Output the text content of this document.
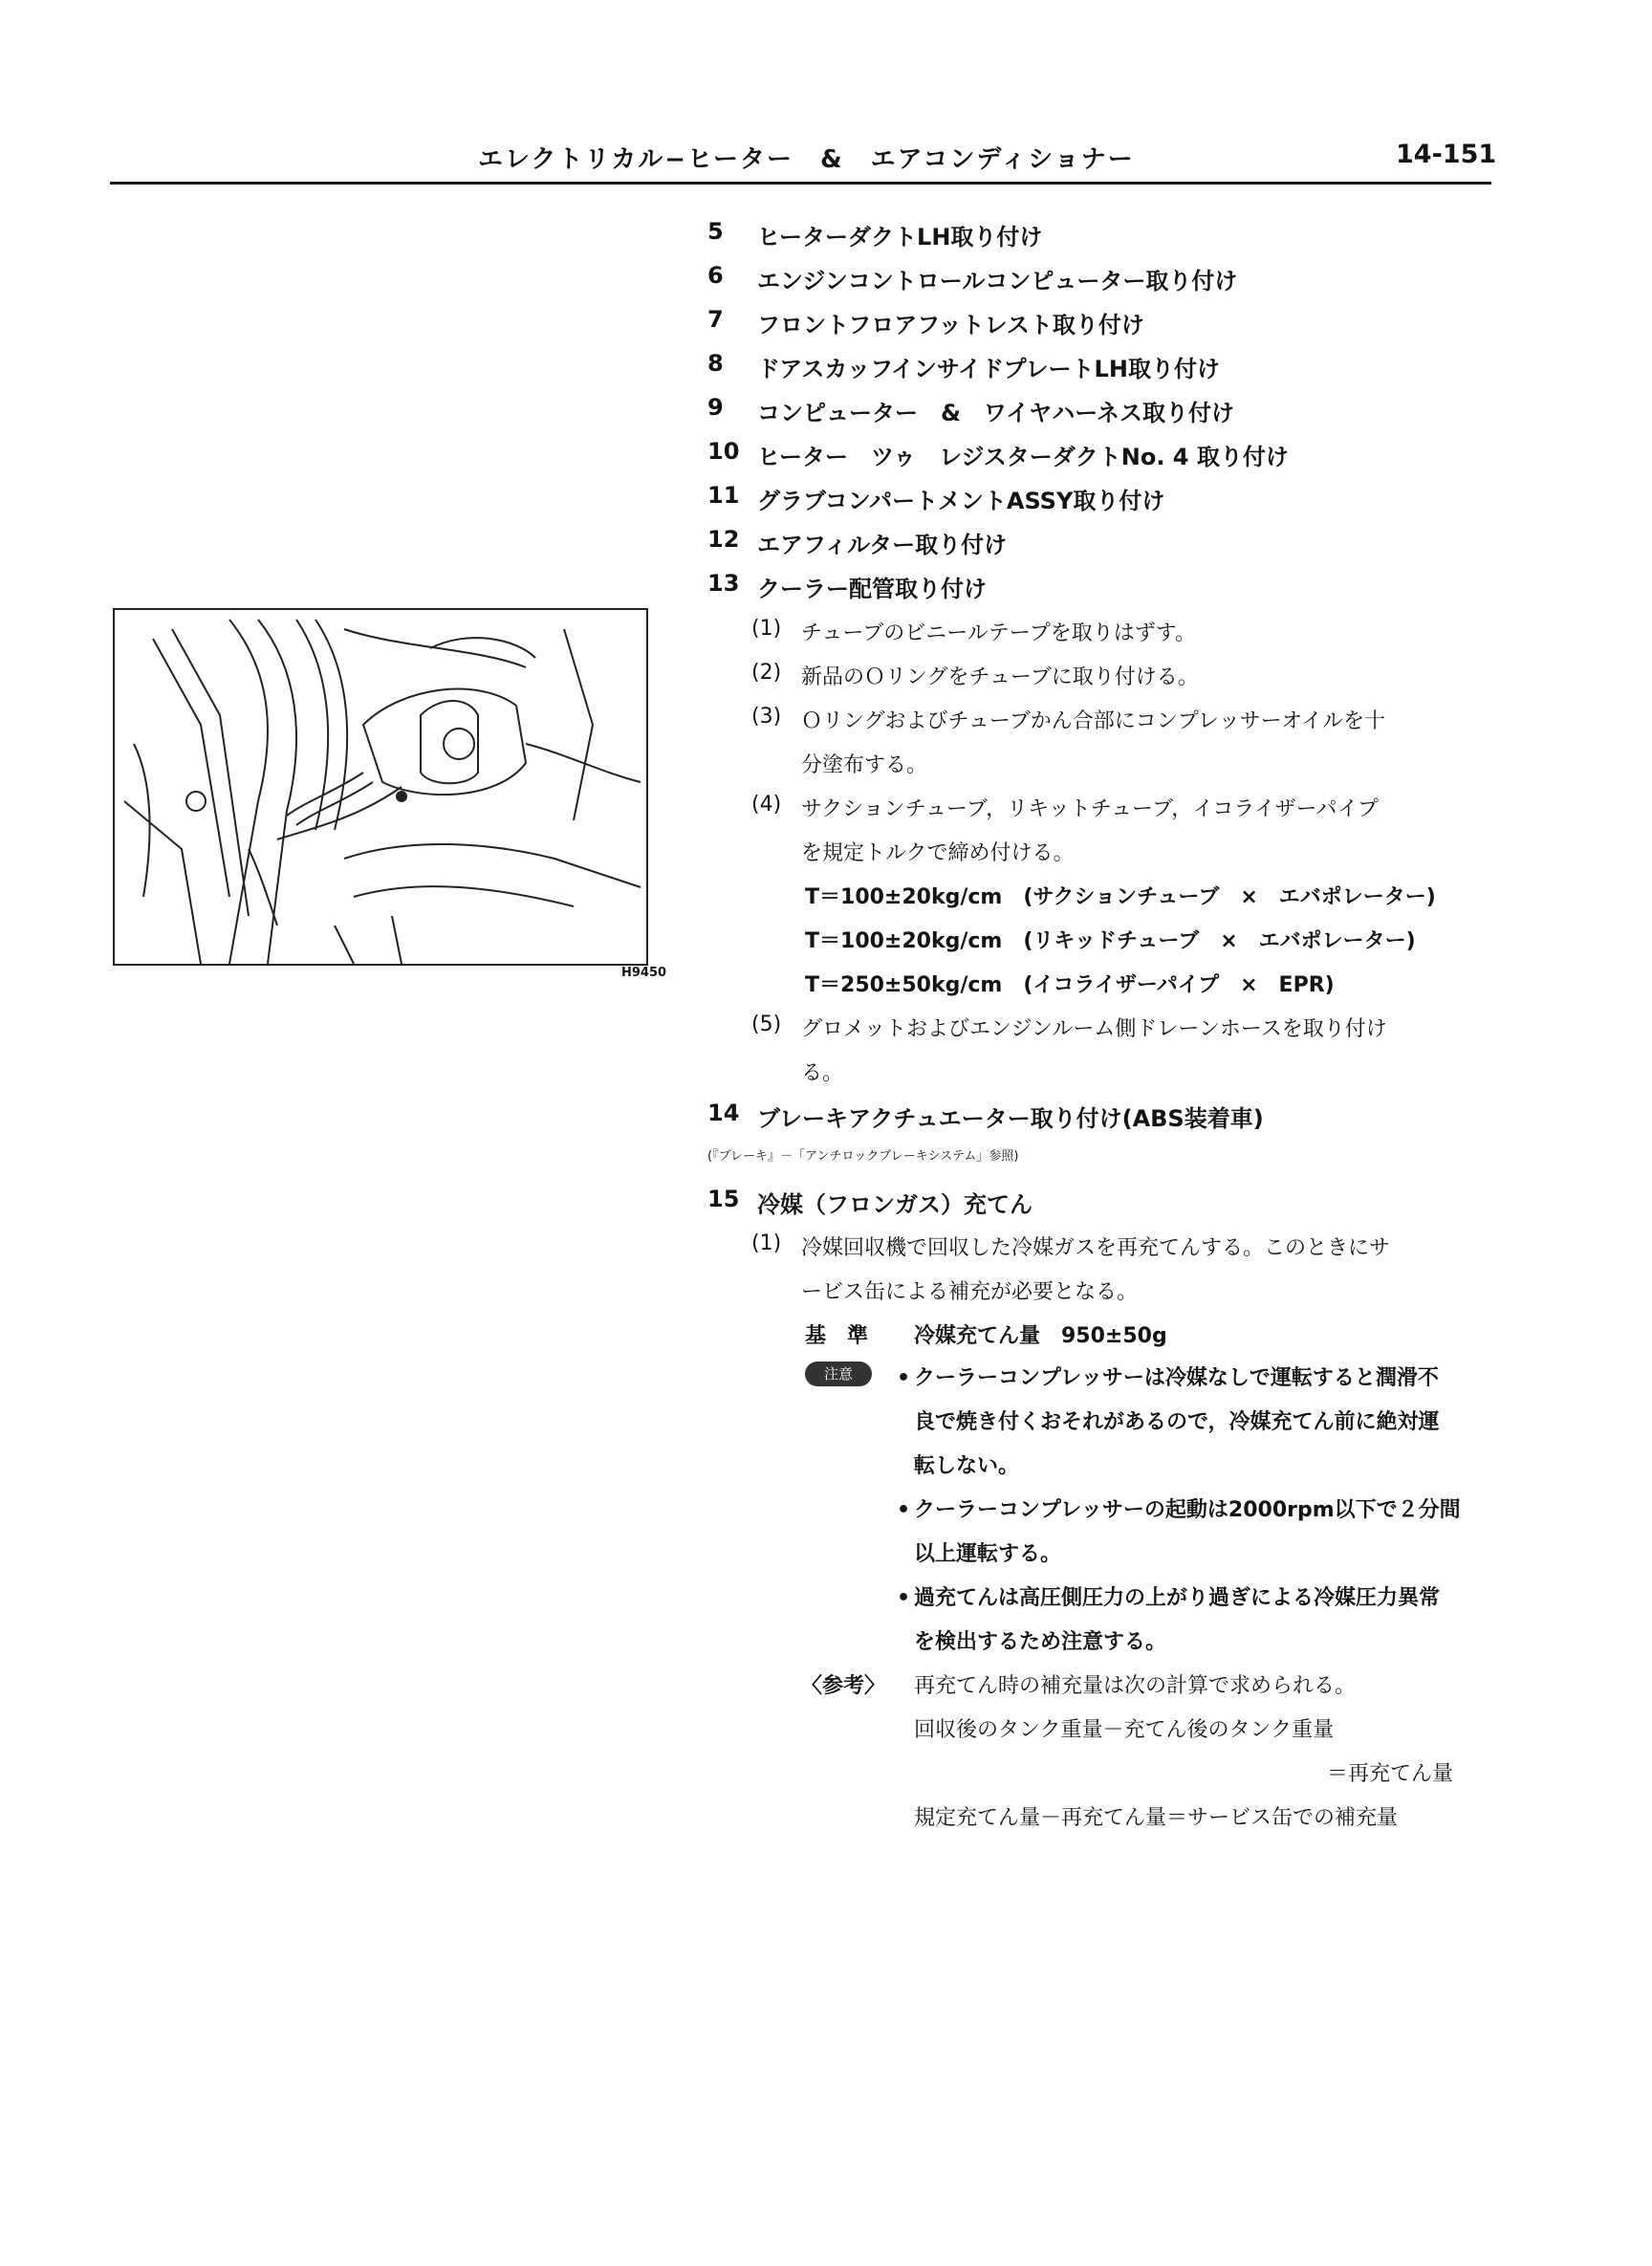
エレクトリカル−ヒーター　&　エアコンディショナー	14-151
H9450
5	ヒーターダクトLH取り付け
6	エンジンコントロールコンピューター取り付け
7	フロントフロアフットレスト取り付け
8	ドアスカッフインサイドプレートLH取り付け
9	コンピューター　&　ワイヤハーネス取り付け
10 ヒーター　ツゥ　レジスターダクトNo. 4 取り付け
11 グラブコンパートメントASSY取り付け
12 エアフィルター取り付け
13 クーラー配管取り付け
(1) チューブのビニールテープを取りはずす。
(2) 新品のＯリングをチューブに取り付ける。
(3) Ｏリングおよびチューブかん合部にコンプレッサーオイルを十
分塗布する。
(4) サクションチューブ，リキットチューブ，イコライザーパイプ
を規定トルクで締め付ける。
T＝100±20kg/cm　(サクションチューブ　×　エバポレーター)
T＝100±20kg/cm　(リキッドチューブ　×　エバポレーター)
T＝250±50kg/cm　(イコライザーパイプ　×　EPR)
(5) グロメットおよびエンジンルーム側ドレーンホースを取り付け
る。
14 ブレーキアクチュエーター取り付け(ABS装着車)
(『ブレーキ』－「アンチロックブレーキシステム」参照)
15 冷媒（フロンガス）充てん
(1) 冷媒回収機で回収した冷媒ガスを再充てんする。このときにサ
ービス缶による補充が必要となる。
基　準 冷媒充てん量　950±50g
注意	• クーラーコンプレッサーは冷媒なしで運転すると潤滑不
良で焼き付くおそれがあるので，冷媒充てん前に絶対運
転しない。
• クーラーコンプレッサーの起動は2000rpm以下で２分間
以上運転する。
• 過充てんは高圧側圧力の上がり過ぎによる冷媒圧力異常
を検出するため注意する。
〈参考〉 再充てん時の補充量は次の計算で求められる。
回収後のタンク重量－充てん後のタンク重量
＝再充てん量
規定充てん量－再充てん量＝サービス缶での補充量
